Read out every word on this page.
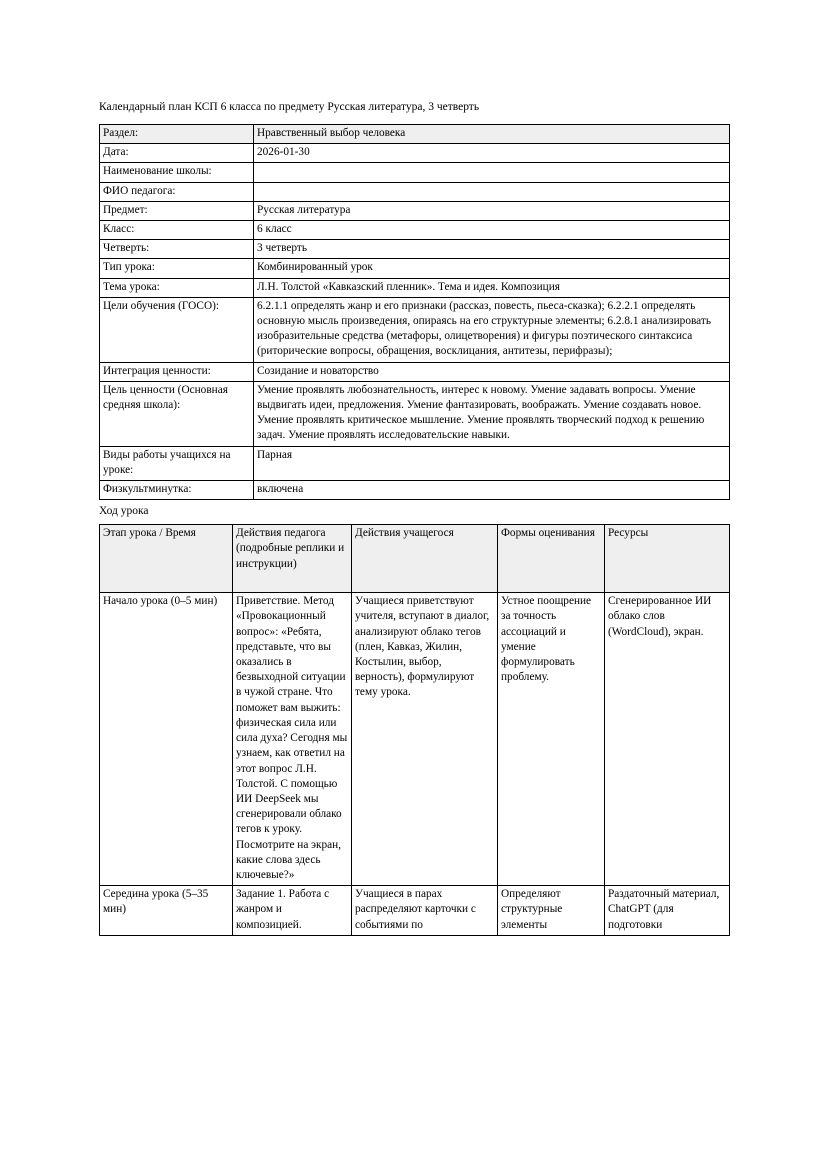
Календарный план КСП 6 класса по предмету Русская литература, 3 четверть

Раздел:	Нравственный выбор человека
Дата:	2026-01-30
Наименование школы:	
ФИО педагога:	
Предмет:	Русская литература
Класс:	6 класс
Четверть:	3 четверть
Тип урока:	Комбинированный урок
Тема урока:	Л.Н. Толстой «Кавказский пленник». Тема и идея. Композиция
Цели обучения (ГОСО):	6.2.1.1 определять жанр и его признаки (рассказ, повесть, пьеса-сказка); 6.2.2.1 определять основную мысль произведения, опираясь на его структурные элементы; 6.2.8.1 анализировать изобразительные средства (метафоры, олицетворения) и фигуры поэтического синтаксиса (риторические вопросы, обращения, восклицания, антитезы, перифразы);
Интеграция ценности:	Созидание и новаторство
Цель ценности (Основная средняя школа):	Умение проявлять любознательность, интерес к новому. Умение задавать вопросы. Умение выдвигать идеи, предложения. Умение фантазировать, воображать. Умение создавать новое. Умение проявлять критическое мышление. Умение проявлять творческий подход к решению задач. Умение проявлять исследовательские навыки.
Виды работы учащихся на уроке:	Парная
Физкультминутка:	включена

Ход урока

Этап урока / Время	Действия педагога (подробные реплики и инструкции)	Действия учащегося	Формы оценивания	Ресурсы
Начало урока (0–5 мин)	Приветствие. Метод «Провокационный вопрос»: «Ребята, представьте, что вы оказались в безвыходной ситуации в чужой стране. Что поможет вам выжить: физическая сила или сила духа? Сегодня мы узнаем, как ответил на этот вопрос Л.Н. Толстой. С помощью ИИ DeepSeek мы сгенерировали облако тегов к уроку. Посмотрите на экран, какие слова здесь ключевые?»	Учащиеся приветствуют учителя, вступают в диалог, анализируют облако тегов (плен, Кавказ, Жилин, Костылин, выбор, верность), формулируют тему урока.	Устное поощрение за точность ассоциаций и умение формулировать проблему.	Сгенерированное ИИ облако слов (WordCloud), экран.
Середина урока (5–35 мин)	Задание 1. Работа с жанром и композицией.	Учащиеся в парах распределяют карточки с событиями по	Определяют структурные элементы	Раздаточный материал, ChatGPT (для подготовки
